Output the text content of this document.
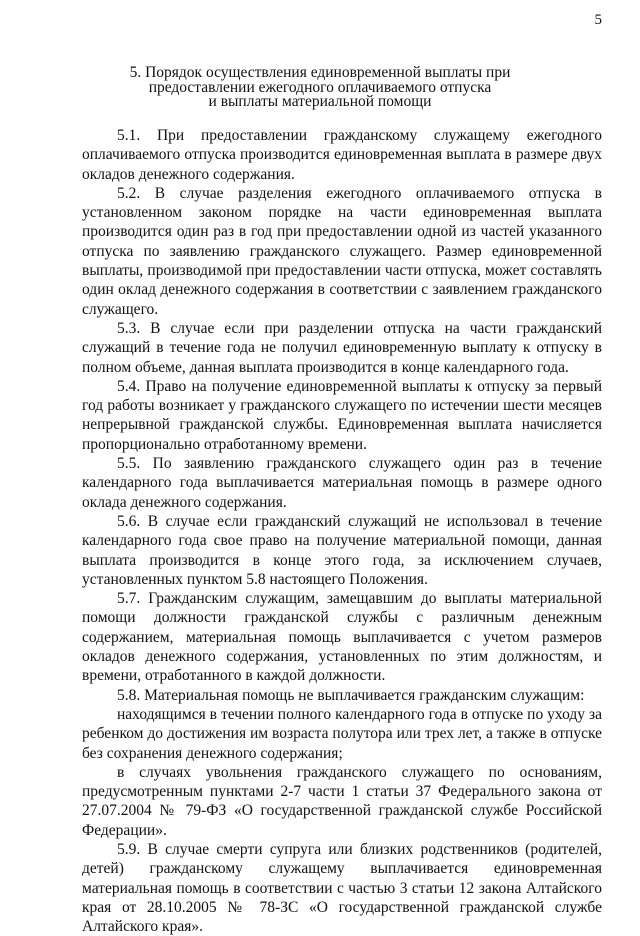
5
5. Порядок осуществления единовременной выплаты при
предоставлении ежегодного оплачиваемого отпуска
и выплаты материальной помощи

5.1. При предоставлении гражданскому служащему ежегодного оплачиваемого отпуска производится единовременная выплата в размере двух окладов денежного содержания.

5.2. В случае разделения ежегодного оплачиваемого отпуска в установленном законом порядке на части единовременная выплата производится один раз в год при предоставлении одной из частей указанного отпуска по заявлению гражданского служащего. Размер единовременной выплаты, производимой при предоставлении части отпуска, может составлять один оклад денежного содержания в соответствии с заявлением гражданского служащего.

5.3. В случае если при разделении отпуска на части гражданский служащий в течение года не получил единовременную выплату к отпуску в полном объеме, данная выплата производится в конце календарного года.

5.4. Право на получение единовременной выплаты к отпуску за первый год работы возникает у гражданского служащего по истечении шести месяцев непрерывной гражданской службы. Единовременная выплата начисляется пропорционально отработанному времени.

5.5. По заявлению гражданского служащего один раз в течение календарного года выплачивается материальная помощь в размере одного оклада денежного содержания.

5.6. В случае если гражданский служащий не использовал в течение календарного года свое право на получение материальной помощи, данная выплата производится в конце этого года, за исключением случаев, установленных пунктом 5.8 настоящего Положения.

5.7. Гражданским служащим, замещавшим до выплаты материальной помощи должности гражданской службы с различным денежным содержанием, материальная помощь выплачивается с учетом размеров окладов денежного содержания, установленных по этим должностям, и времени, отработанного в каждой должности.

5.8. Материальная помощь не выплачивается гражданским служащим:

находящимся в течении полного календарного года в отпуске по уходу за ребенком до достижения им возраста полутора или трех лет, а также в отпуске без сохранения денежного содержания;

в случаях увольнения гражданского служащего по основаниям, предусмотренным пунктами 2-7 части 1 статьи 37 Федерального закона от 27.07.2004 № 79-ФЗ «О государственной гражданской службе Российской Федерации».

5.9. В случае смерти супруга или близких родственников (родителей, детей) гражданскому служащему выплачивается единовременная материальная помощь в соответствии с частью 3 статьи 12 закона Алтайского края от 28.10.2005 № 78-ЗС «О государственной гражданской службе Алтайского края».
